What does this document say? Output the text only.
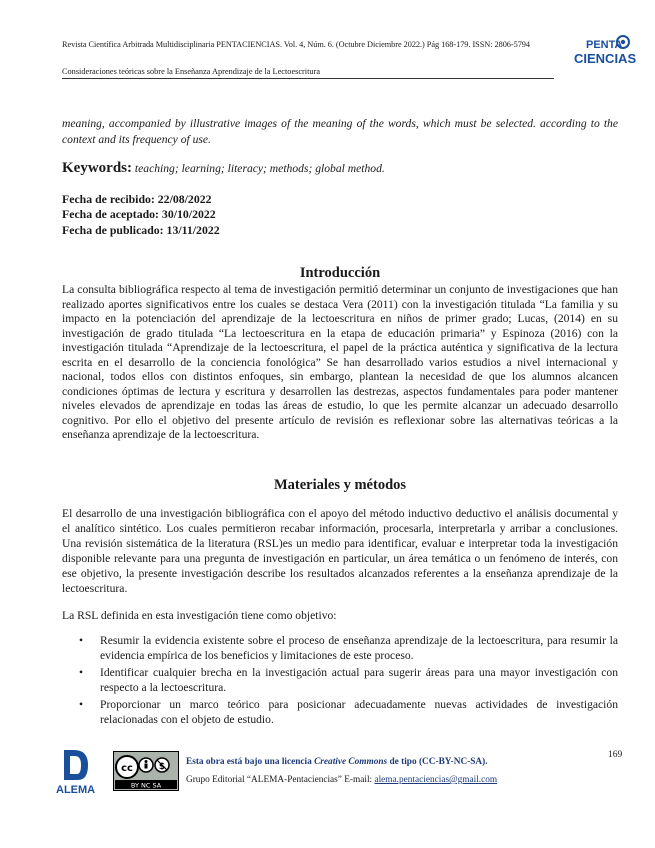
Revista Científica Arbitrada Multidisciplinaria PENTACIENCIAS. Vol. 4, Núm. 6. (Octubre Diciembre 2022.) Pág 168-179. ISSN: 2806-5794
Consideraciones teóricas sobre la Enseñanza Aprendizaje de la Lectoescritura
PENTA
CIENCIAS
meaning, accompanied by illustrative images of the meaning of the words, which must be selected. according to the context and its frequency of use.
Keywords: teaching; learning; literacy; methods; global method.
Fecha de recibido: 22/08/2022
Fecha de aceptado: 30/10/2022
Fecha de publicado: 13/11/2022
Introducción
La consulta bibliográfica respecto al tema de investigación permitió determinar un conjunto de investigaciones que han realizado aportes significativos entre los cuales se destaca Vera (2011) con la investigación titulada “La familia y su impacto en la potenciación del aprendizaje de la lectoescritura en niños de primer grado; Lucas, (2014) en su investigación de grado titulada “La lectoescritura en la etapa de educación primaria” y Espinoza (2016) con la investigación titulada “Aprendizaje de la lectoescritura, el papel de la práctica auténtica y significativa de la lectura escrita en el desarrollo de la conciencia fonológica” Se han desarrollado varios estudios a nivel internacional y nacional, todos ellos con distintos enfoques, sin embargo, plantean la necesidad de que los alumnos alcancen condiciones óptimas de lectura y escritura y desarrollen las destrezas, aspectos fundamentales para poder mantener niveles elevados de aprendizaje en todas las áreas de estudio, lo que les permite alcanzar un adecuado desarrollo cognitivo. Por ello el objetivo del presente artículo de revisión es reflexionar sobre las alternativas teóricas a la enseñanza aprendizaje de la lectoescritura.
Materiales y métodos
El desarrollo de una investigación bibliográfica con el apoyo del método inductivo deductivo el análisis documental y el analítico sintético. Los cuales permitieron recabar información, procesarla, interpretarla y arribar a conclusiones. Una revisión sistemática de la literatura (RSL)es un medio para identificar, evaluar e interpretar toda la investigación disponible relevante para una pregunta de investigación en particular, un área temática o un fenómeno de interés, con ese objetivo, la presente investigación describe los resultados alcanzados referentes a la enseñanza aprendizaje de la lectoescritura.
La RSL definida en esta investigación tiene como objetivo:
• Resumir la evidencia existente sobre el proceso de enseñanza aprendizaje de la lectoescritura, para resumir la evidencia empírica de los beneficios y limitaciones de este proceso.
• Identificar cualquier brecha en la investigación actual para sugerir áreas para una mayor investigación con respecto a la lectoescritura.
• Proporcionar un marco teórico para posicionar adecuadamente nuevas actividades de investigación relacionadas con el objeto de estudio.
ALEMA
cc	$
BY NC SA
Esta obra está bajo una licencia Creative Commons de tipo (CC-BY-NC-SA).
Grupo Editorial “ALEMA-Pentaciencias” E-mail: alema.pentaciencias@gmail.com
169
